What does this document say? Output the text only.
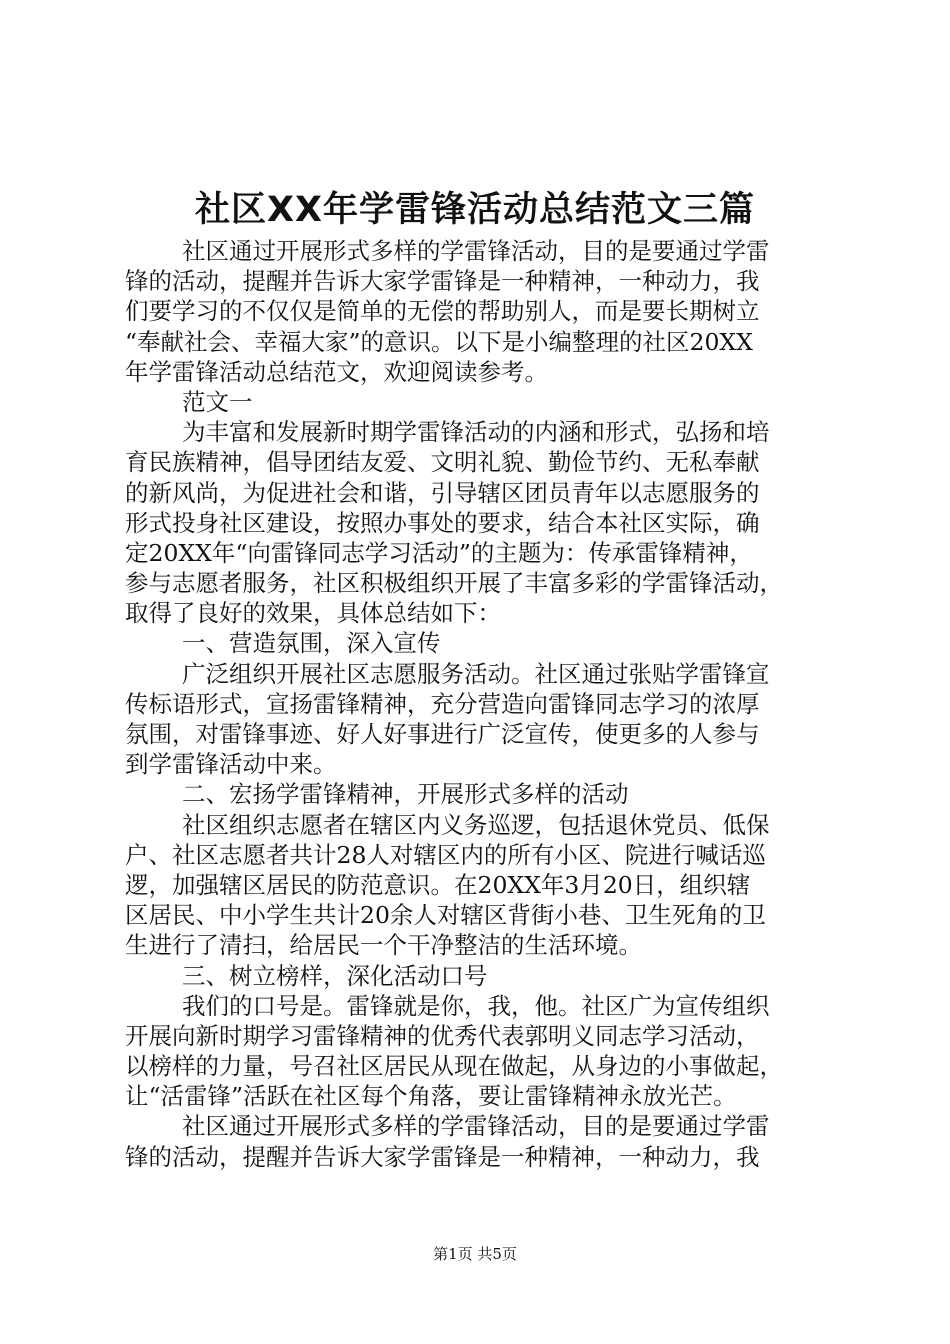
社区XX年学雷锋活动总结范文三篇
社区通过开展形式多样的学雷锋活动，目的是要通过学雷
锋的活动，提醒并告诉大家学雷锋是一种精神，一种动力，我
们要学习的不仅仅是简单的无偿的帮助别人，而是要长期树立
“奉献社会、幸福大家”的意识。以下是小编整理的社区20XX
年学雷锋活动总结范文，欢迎阅读参考。
范文一
为丰富和发展新时期学雷锋活动的内涵和形式，弘扬和培
育民族精神，倡导团结友爱、文明礼貌、勤俭节约、无私奉献
的新风尚，为促进社会和谐，引导辖区团员青年以志愿服务的
形式投身社区建设，按照办事处的要求，结合本社区实际，确
定20XX年“向雷锋同志学习活动”的主题为：传承雷锋精神，
参与志愿者服务，社区积极组织开展了丰富多彩的学雷锋活动，
取得了良好的效果，具体总结如下：
一、营造氛围，深入宣传
广泛组织开展社区志愿服务活动。社区通过张贴学雷锋宣
传标语形式，宣扬雷锋精神，充分营造向雷锋同志学习的浓厚
氛围，对雷锋事迹、好人好事进行广泛宣传，使更多的人参与
到学雷锋活动中来。
二、宏扬学雷锋精神，开展形式多样的活动
社区组织志愿者在辖区内义务巡逻，包括退休党员、低保
户、社区志愿者共计28人对辖区内的所有小区、院进行喊话巡
逻，加强辖区居民的防范意识。在20XX年3月20日，组织辖
区居民、中小学生共计20余人对辖区背街小巷、卫生死角的卫
生进行了清扫，给居民一个干净整洁的生活环境。
三、树立榜样，深化活动口号
我们的口号是。雷锋就是你，我，他。社区广为宣传组织
开展向新时期学习雷锋精神的优秀代表郭明义同志学习活动，
以榜样的力量，号召社区居民从现在做起，从身边的小事做起，
让“活雷锋”活跃在社区每个角落，要让雷锋精神永放光芒。
社区通过开展形式多样的学雷锋活动，目的是要通过学雷
锋的活动，提醒并告诉大家学雷锋是一种精神，一种动力，我
第1页 共5页
